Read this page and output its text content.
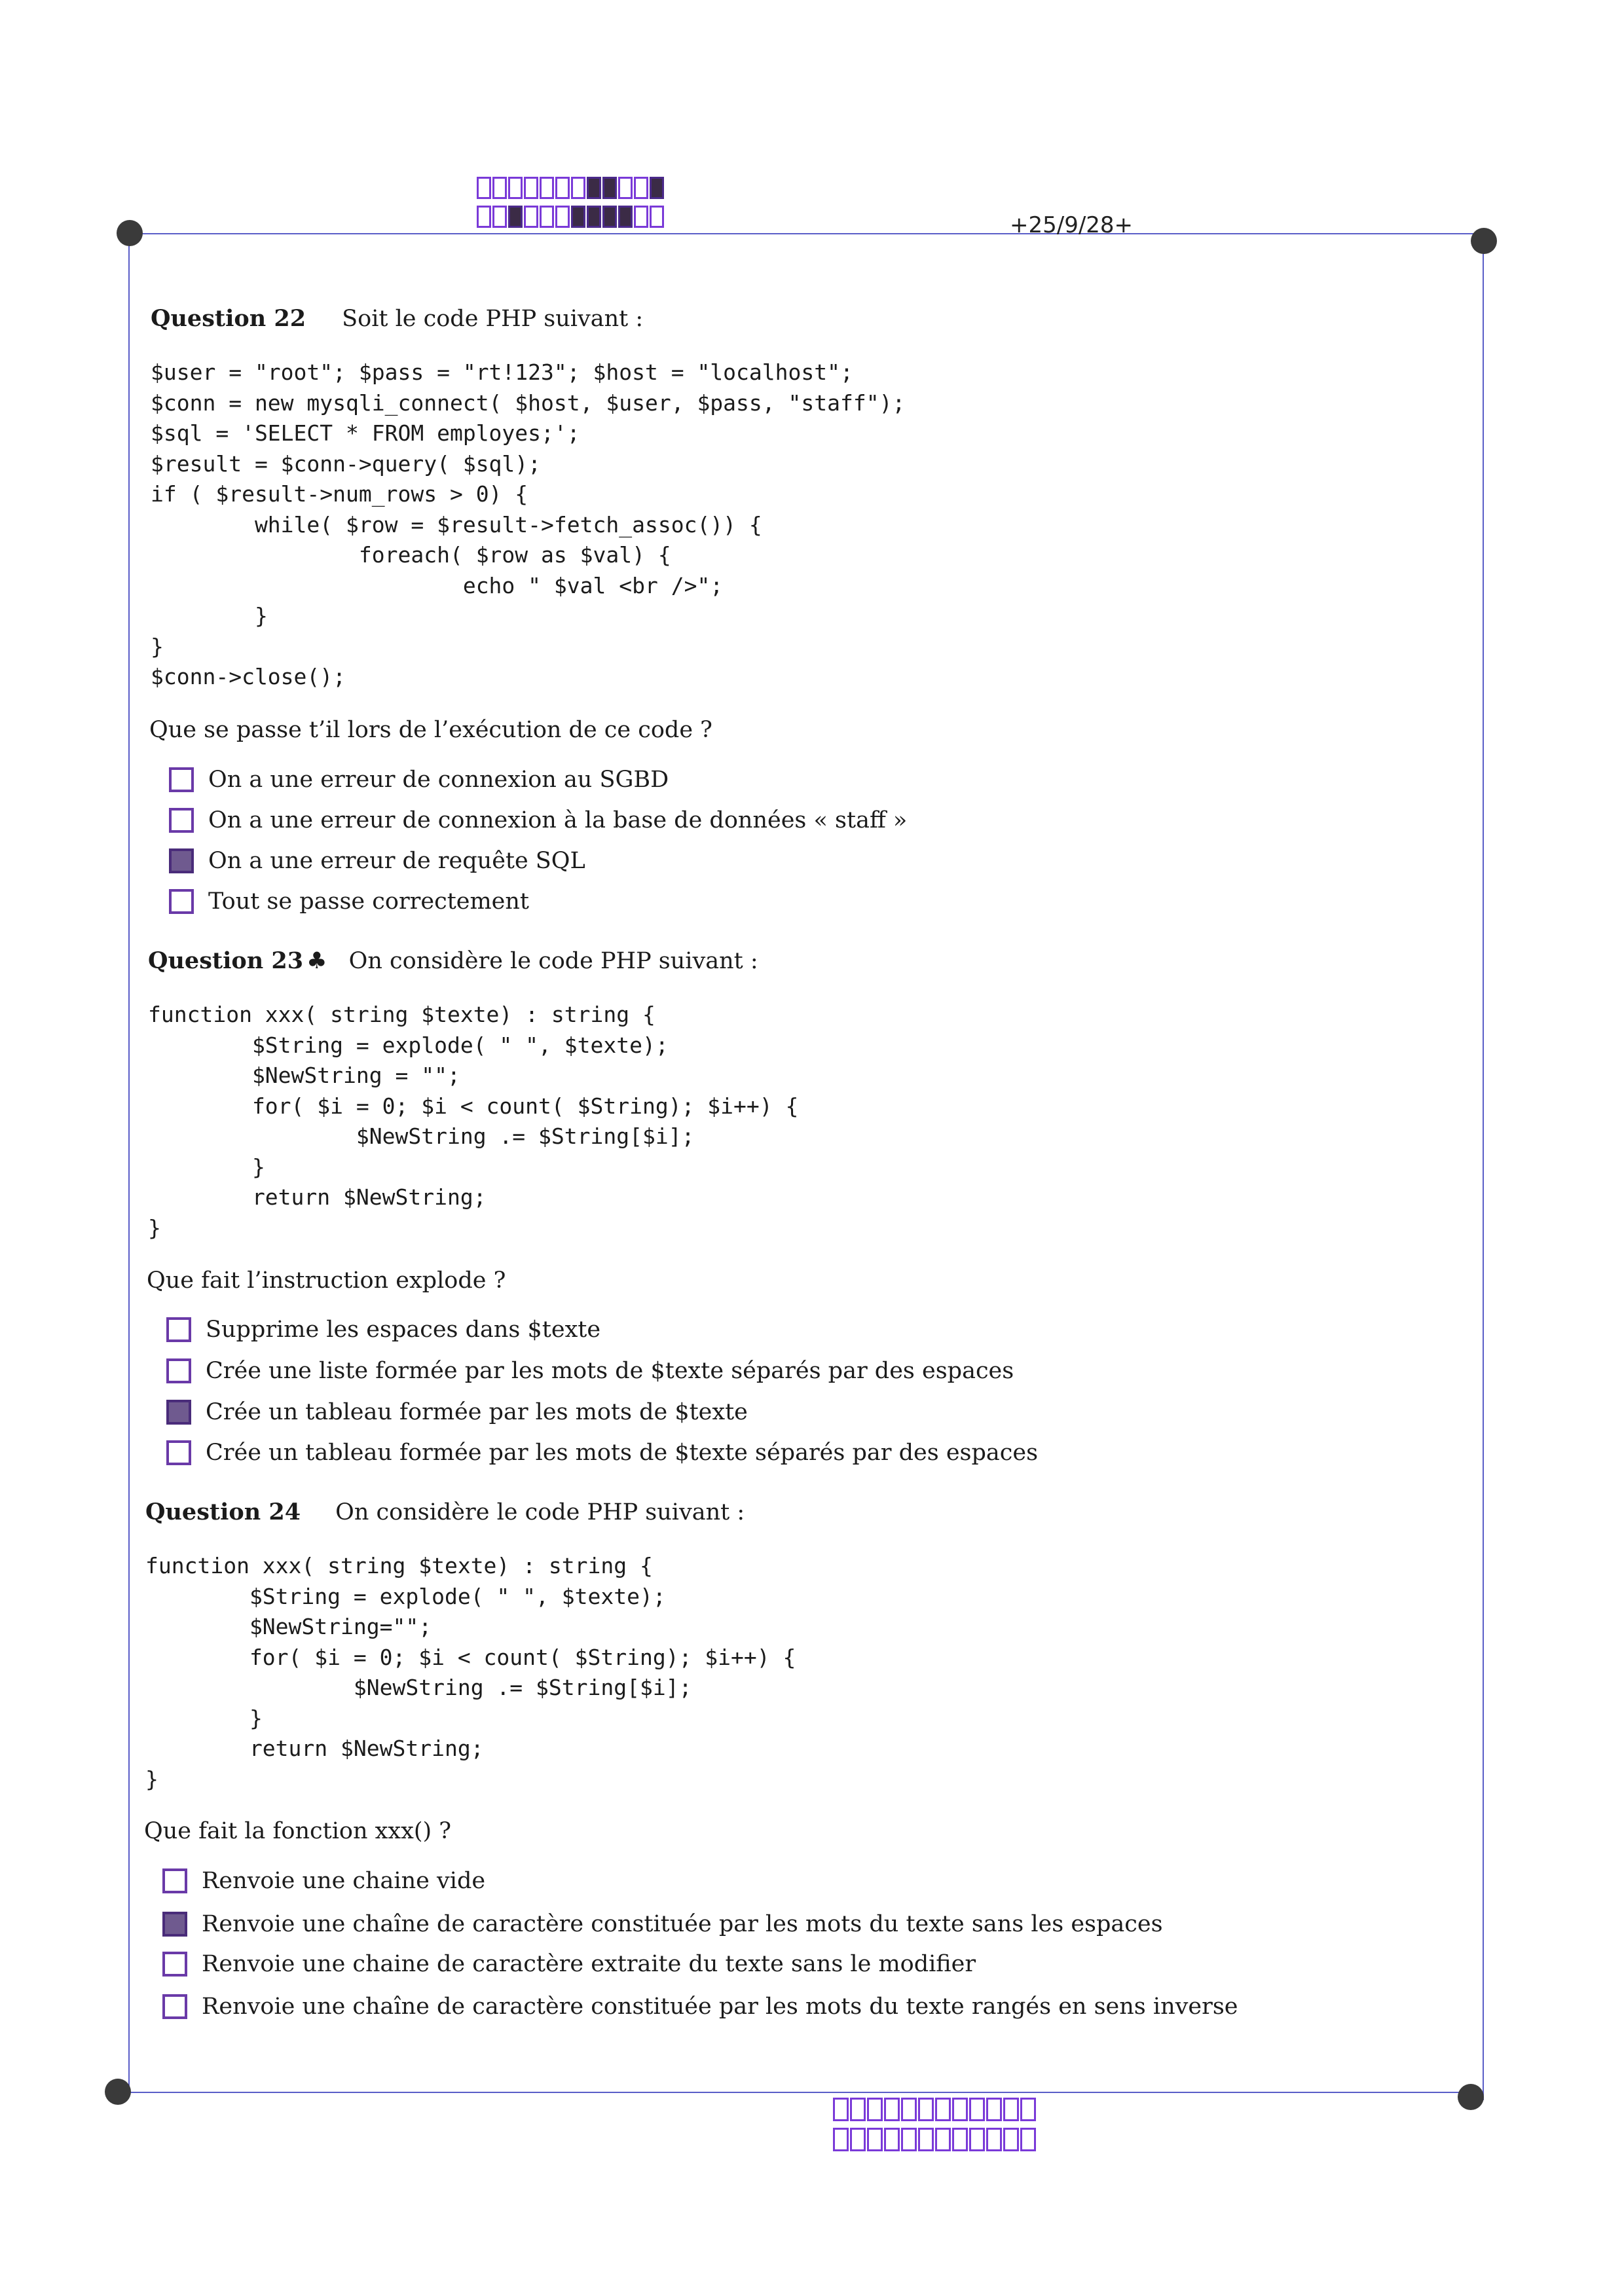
+25/9/28+
Question 22 Soit le code PHP suivant :
$user = "root"; $pass = "rt!123"; $host = "localhost";
$conn = new mysqli_connect( $host, $user, $pass, "staff");
$sql = 'SELECT * FROM employes;';
$result = $conn->query( $sql);
if ( $result->num_rows > 0) {
while( $row = $result->fetch_assoc()) {
foreach( $row as $val) {
echo " $val <br />";
}
}
$conn->close();
Que se passe t’il lors de l’exécution de ce code ?
On a une erreur de connexion au SGBD
On a une erreur de connexion à la base de données « staff »
On a une erreur de requête SQL
Tout se passe correctement
Question 23 ♣ On considère le code PHP suivant :
function xxx( string $texte) : string {
$String = explode( " ", $texte);
$NewString = "";
for( $i = 0; $i < count( $String); $i++) {
$NewString .= $String[$i];
}
return $NewString;
}
Que fait l’instruction explode ?
Supprime les espaces dans $texte
Crée une liste formée par les mots de $texte séparés par des espaces
Crée un tableau formée par les mots de $texte
Crée un tableau formée par les mots de $texte séparés par des espaces
Question 24 On considère le code PHP suivant :
function xxx( string $texte) : string {
$String = explode( " ", $texte);
$NewString="";
for( $i = 0; $i < count( $String); $i++) {
$NewString .= $String[$i];
}
return $NewString;
}
Que fait la fonction xxx() ?
Renvoie une chaine vide
Renvoie une chaîne de caractère constituée par les mots du texte sans les espaces
Renvoie une chaine de caractère extraite du texte sans le modifier
Renvoie une chaîne de caractère constituée par les mots du texte rangés en sens inverse
